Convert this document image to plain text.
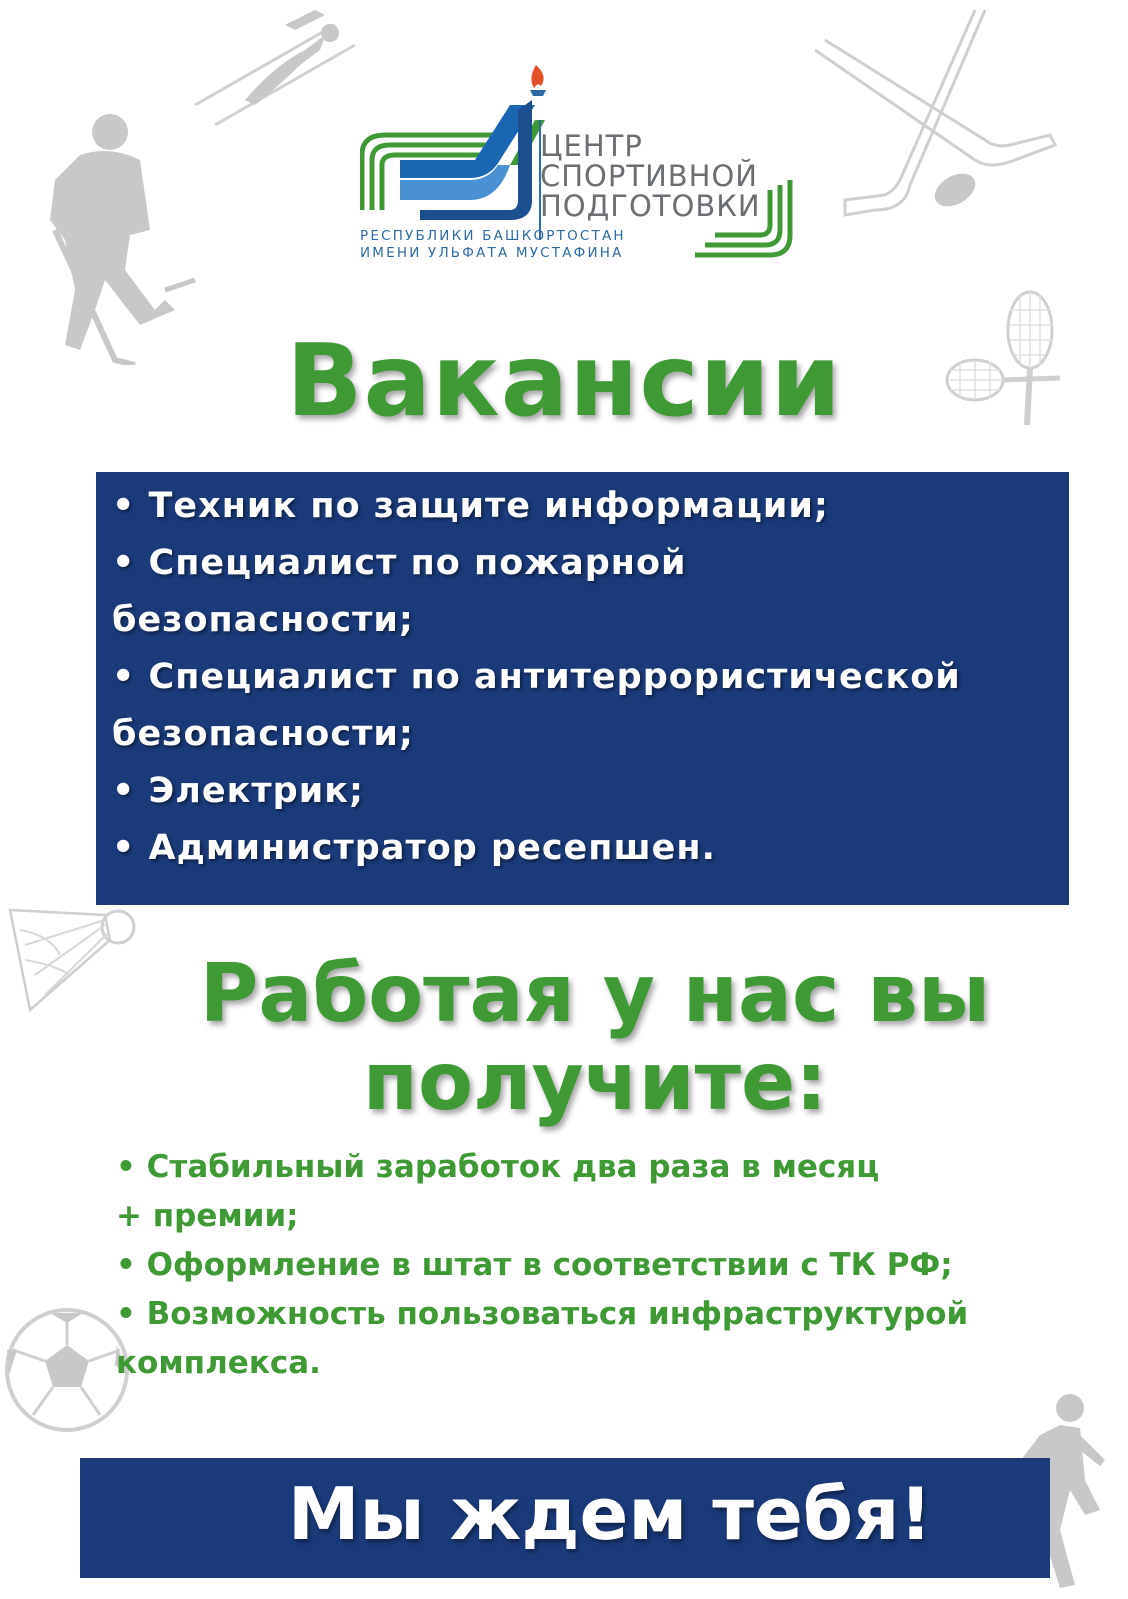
ЦЕНТР
СПОРТИВНОЙ
ПОДГОТОВКИ
РЕСПУБЛИКИ БАШКОРТОСТАН
ИМЕНИ УЛЬФАТА МУСТАФИНА
Вакансии
• Техник по защите информации;
• Специалист по пожарной
безопасности;
• Специалист по антитеррористической
безопасности;
• Электрик;
• Администратор ресепшен.
Работая у нас вы
получите:
• Стабильный заработок два раза в месяц
+ премии;
• Оформление в штат в соответствии с ТК РФ;
• Возможность пользоваться инфраструктурой
комплекса.
Мы ждем тебя!
